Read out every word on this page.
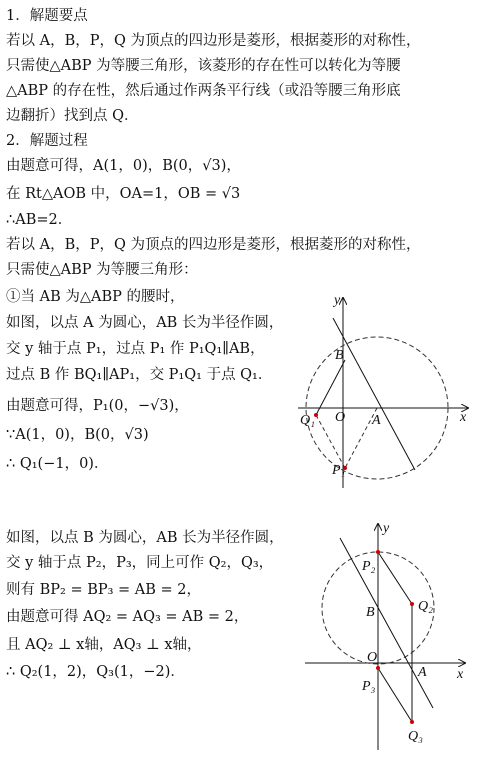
1．解题要点
若以 A，B，P，Q 为顶点的四边形是菱形，根据菱形的对称性，
只需使△ABP 为等腰三角形，该菱形的存在性可以转化为等腰
△ABP 的存在性，然后通过作两条平行线（或沿等腰三角形底
边翻折）找到点 Q．
2．解题过程
由题意可得，A(1，0)，B(0，√3)，
在 Rt△AOB 中，OA=1，OB = √3
∴AB=2．
若以 A，B，P，Q 为顶点的四边形是菱形，根据菱形的对称性，
只需使△ABP 为等腰三角形：
①当 AB 为△ABP 的腰时，
如图，以点 A 为圆心，AB 长为半径作圆，
交 y 轴于点 P₁，过点 P₁ 作 P₁Q₁∥AB，
过点 B 作 BQ₁∥AP₁，交 P₁Q₁ 于点 Q₁．
由题意可得，P₁(0，−√3)，
∵A(1，0)，B(0，√3)
∴ Q₁(−1，0)．
如图，以点 B 为圆心，AB 长为半径作圆，
交 y 轴于点 P₂，P₃，同上可作 Q₂，Q₃，
则有 BP₂ = BP₃ = AB = 2，
由题意可得 AQ₂ = AQ₃ = AB = 2，
且 AQ₂ ⊥ x轴，AQ₃ ⊥ x轴，
∴ Q₂(1，2)，Q₃(1，−2)．
x
y
B
O A
Q₁
P₁
x
y
P₂
Q₂
B
O
A
P₃
Q₃
